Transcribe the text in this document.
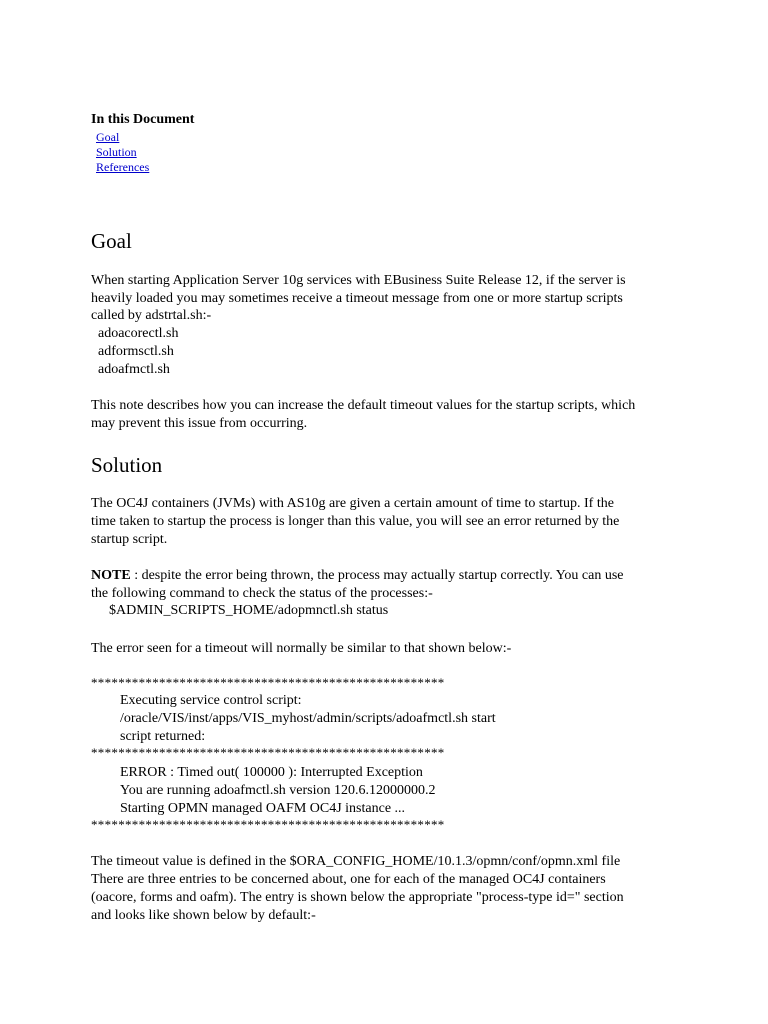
In this Document
Goal
Solution
References
Goal
When starting Application Server 10g services with EBusiness Suite Release 12, if the server is
heavily loaded you may sometimes receive a timeout message from one or more startup scripts
called by adstrtal.sh:-
adoacorectl.sh
adformsctl.sh
adoafmctl.sh
This note describes how you can increase the default timeout values for the startup scripts, which
may prevent this issue from occurring.
Solution
The OC4J containers (JVMs) with AS10g are given a certain amount of time to startup. If the
time taken to startup the process is longer than this value, you will see an error returned by the
startup script.
NOTE : despite the error being thrown, the process may actually startup correctly. You can use
the following command to check the status of the processes:-
$ADMIN_SCRIPTS_HOME/adopmnctl.sh status
The error seen for a timeout will normally be similar to that shown below:-
****************************************************
Executing service control script:
/oracle/VIS/inst/apps/VIS_myhost/admin/scripts/adoafmctl.sh start
script returned:
****************************************************
ERROR : Timed out( 100000 ): Interrupted Exception
You are running adoafmctl.sh version 120.6.12000000.2
Starting OPMN managed OAFM OC4J instance ...
****************************************************
The timeout value is defined in the $ORA_CONFIG_HOME/10.1.3/opmn/conf/opmn.xml file
There are three entries to be concerned about, one for each of the managed OC4J containers
(oacore, forms and oafm). The entry is shown below the appropriate "process-type id=" section
and looks like shown below by default:-
